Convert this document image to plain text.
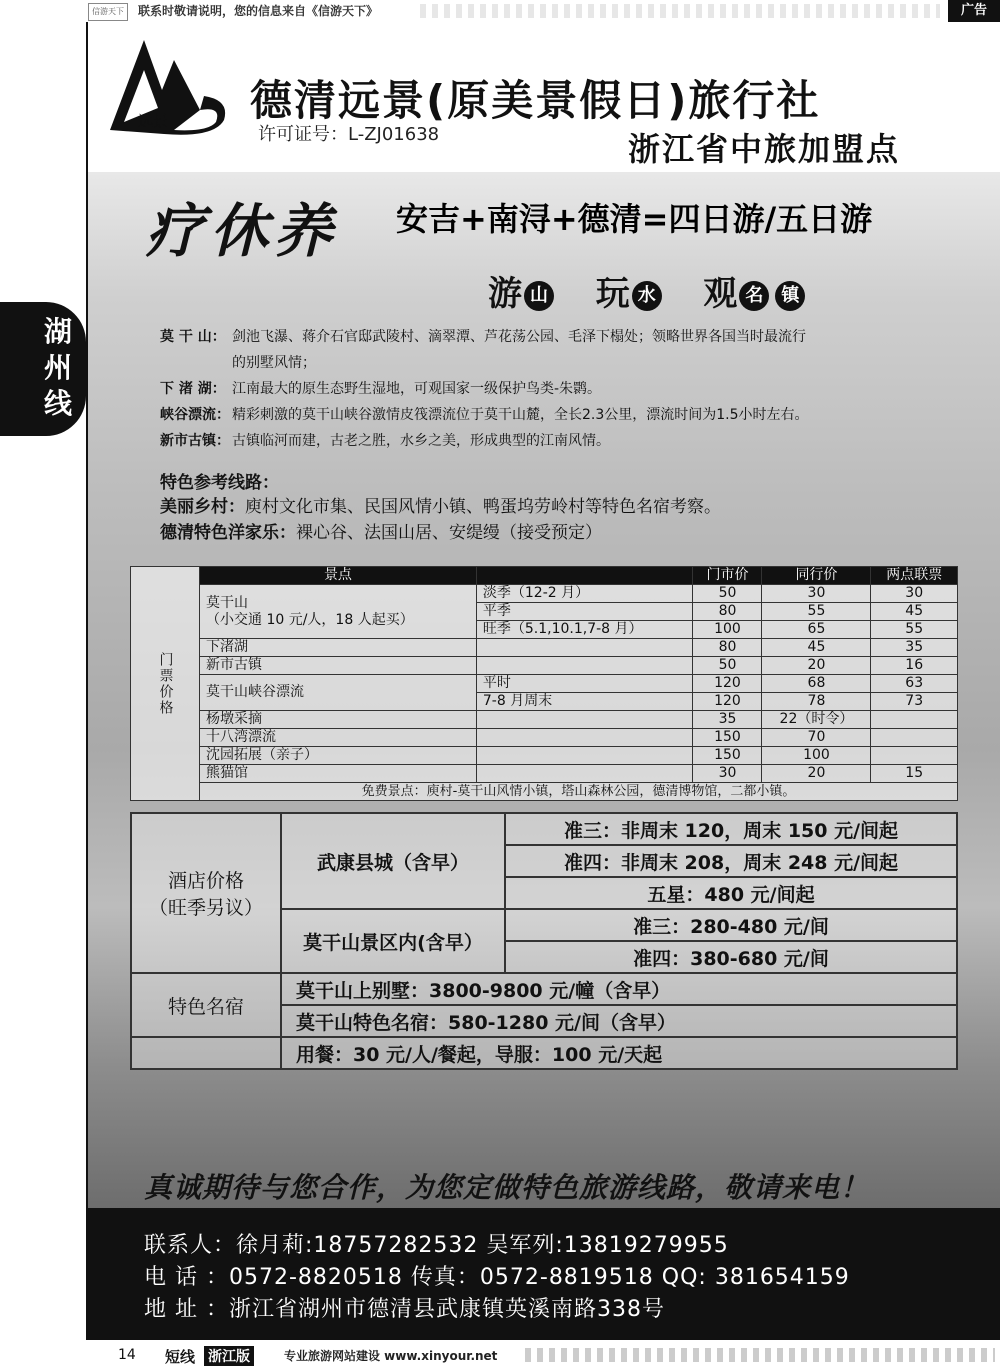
信游天下	联系时敬请说明，您的信息来自《信游天下》	广告
湖州线
远景 德清远景(原美景假日)旅行社
许可证号：L-ZJ01638	浙江省中旅加盟点
疗休养 安吉+南浔+德清=四日游/五日游
游 山 玩 水 观 名 镇
莫 干 山： 剑池飞瀑、蒋介石官邸武陵村、滴翠潭、芦花荡公园、毛泽下榻处；领略世界各国当时最流行
的别墅风情；
下 渚 湖： 江南最大的原生态野生湿地，可观国家一级保护鸟类-朱鹮。
峡谷漂流： 精彩刺激的莫干山峡谷激情皮筏漂流位于莫干山麓，全长2.3公里，漂流时间为1.5小时左右。
新市古镇： 古镇临河而建，古老之胜，水乡之美，形成典型的江南风情。
特色参考线路：
美丽乡村：庾村文化市集、民国风情小镇、鸭蛋坞劳岭村等特色名宿考察。
德清特色洋家乐：裸心谷、法国山居、安缇缦（接受预定）
门票价格	景点		门市价	同行价	两点联票
	莫干山
（小交通 10 元/人，18 人起买）	淡季（12-2 月）	50	30	30
		平季	80	55	45
		旺季（5.1,10.1,7-8 月）	100	65	55
	下渚湖		80	45	35
	新市古镇		50	20	16
	莫干山峡谷漂流	平时	120	68	63
		7-8 月周末	120	78	73
	杨墩采摘		35	22（时令）	
	十八湾漂流		150	70	
	沈园拓展（亲子）		150	100	
	熊猫馆		30	20	15
	免费景点：庾村-莫干山风情小镇，塔山森林公园，德清博物馆，二都小镇。				
酒店价格
（旺季另议）	武康县城（含早）	准三：非周末 120，周末 150 元/间起
		准四：非周末 208，周末 248 元/间起
		五星：480 元/间起
	莫干山景区内(含早）	准三：280-480 元/间
		准四：380-680 元/间
特色名宿	莫干山上别墅：3800-9800 元/幢（含早）	
	莫干山特色名宿：580-1280 元/间（含早）	
	用餐：30 元/人/餐起，导服：100 元/天起	
真诚期待与您合作，为您定做特色旅游线路，敬请来电！
联系人：徐月莉:18757282532 吴军列:13819279955
电 话 ：0572-8820518 传真：0572-8819518 QQ: 381654159
地 址 ：浙江省湖州市德清县武康镇英溪南路338号
14 短线 浙江版	专业旅游网站建设 www.xinyour.net
